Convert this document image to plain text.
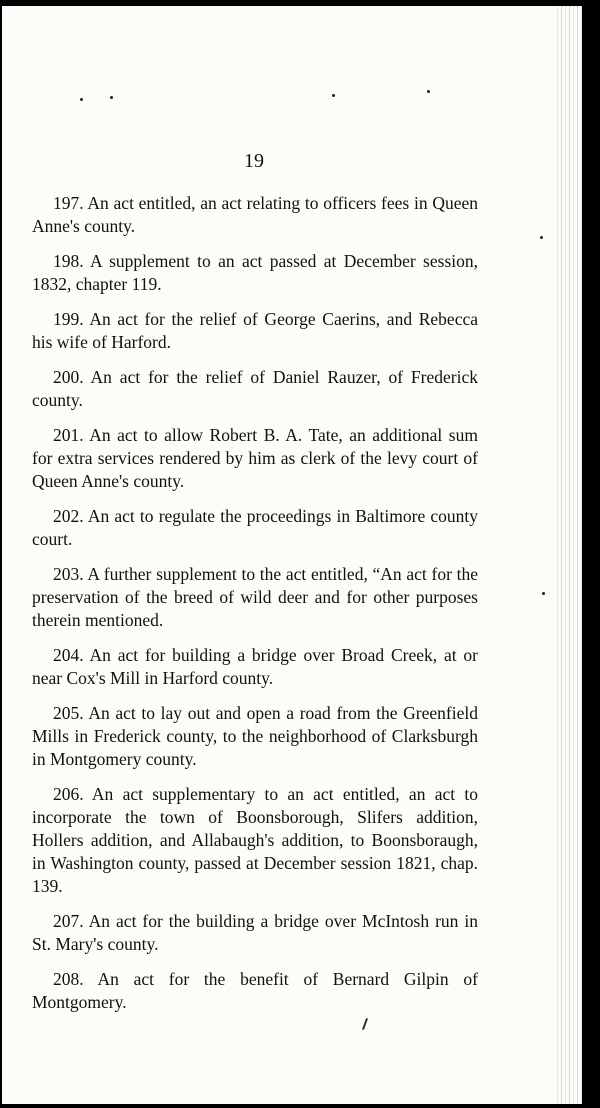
19

197. An act entitled, an act relating to officers fees in Queen Anne's county.

198. A supplement to an act passed at December session, 1832, chapter 119.

199. An act for the relief of George Caerins, and Rebecca his wife of Harford.

200. An act for the relief of Daniel Rauzer, of Frederick county.

201. An act to allow Robert B. A. Tate, an additional sum for extra services rendered by him as clerk of the levy court of Queen Anne's county.

202. An act to regulate the proceedings in Baltimore county court.

203. A further supplement to the act entitled, “An act for the preservation of the breed of wild deer and for other purposes therein mentioned.

204. An act for building a bridge over Broad Creek, at or near Cox's Mill in Harford county.

205. An act to lay out and open a road from the Greenfield Mills in Frederick county, to the neighborhood of Clarksburgh in Montgomery county.

206. An act supplementary to an act entitled, an act to incorporate the town of Boonsborough, Slifers addition, Hollers addition, and Allabaugh's addition, to Boonsboraugh, in Washington county, passed at December session 1821, chap. 139.

207. An act for the building a bridge over McIntosh run in St. Mary's county.

208. An act for the benefit of Bernard Gilpin of Montgomery.
